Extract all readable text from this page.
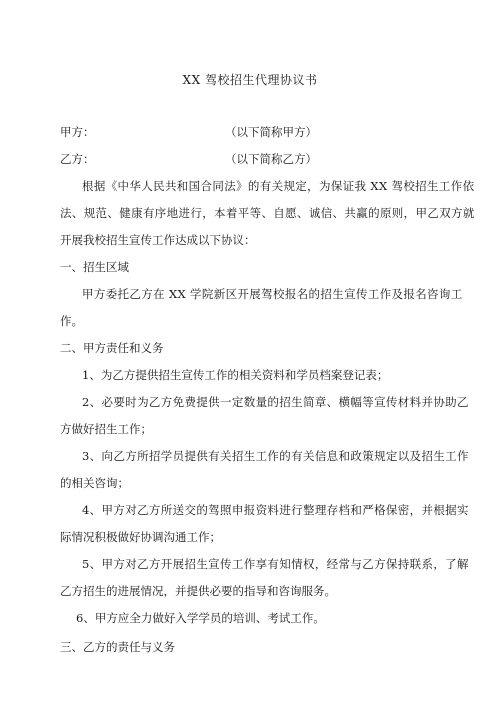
XX 驾校招生代理协议书
甲方：	（以下简称甲方）
乙方：	（以下简称乙方）
根据《中华人民共和国合同法》的有关规定，为保证我 XX 驾校招生工作依
法、规范、健康有序地进行，本着平等、自愿、诚信、共赢的原则，甲乙双方就
开展我校招生宣传工作达成以下协议：
一、招生区域
甲方委托乙方在 XX 学院新区开展驾校报名的招生宣传工作及报名咨询工
作。
二、甲方责任和义务
1、为乙方提供招生宣传工作的相关资料和学员档案登记表；
2、必要时为乙方免费提供一定数量的招生简章、横幅等宣传材料并协助乙
方做好招生工作；
3、向乙方所招学员提供有关招生工作的有关信息和政策规定以及招生工作
的相关咨询；
4、甲方对乙方所送交的驾照申报资料进行整理存档和严格保密，并根据实
际情况积极做好协调沟通工作；
5、甲方对乙方开展招生宣传工作享有知情权，经常与乙方保持联系，了解
乙方招生的进展情况，并提供必要的指导和咨询服务。
6、甲方应全力做好入学学员的培训、考试工作。
三、乙方的责任与义务
